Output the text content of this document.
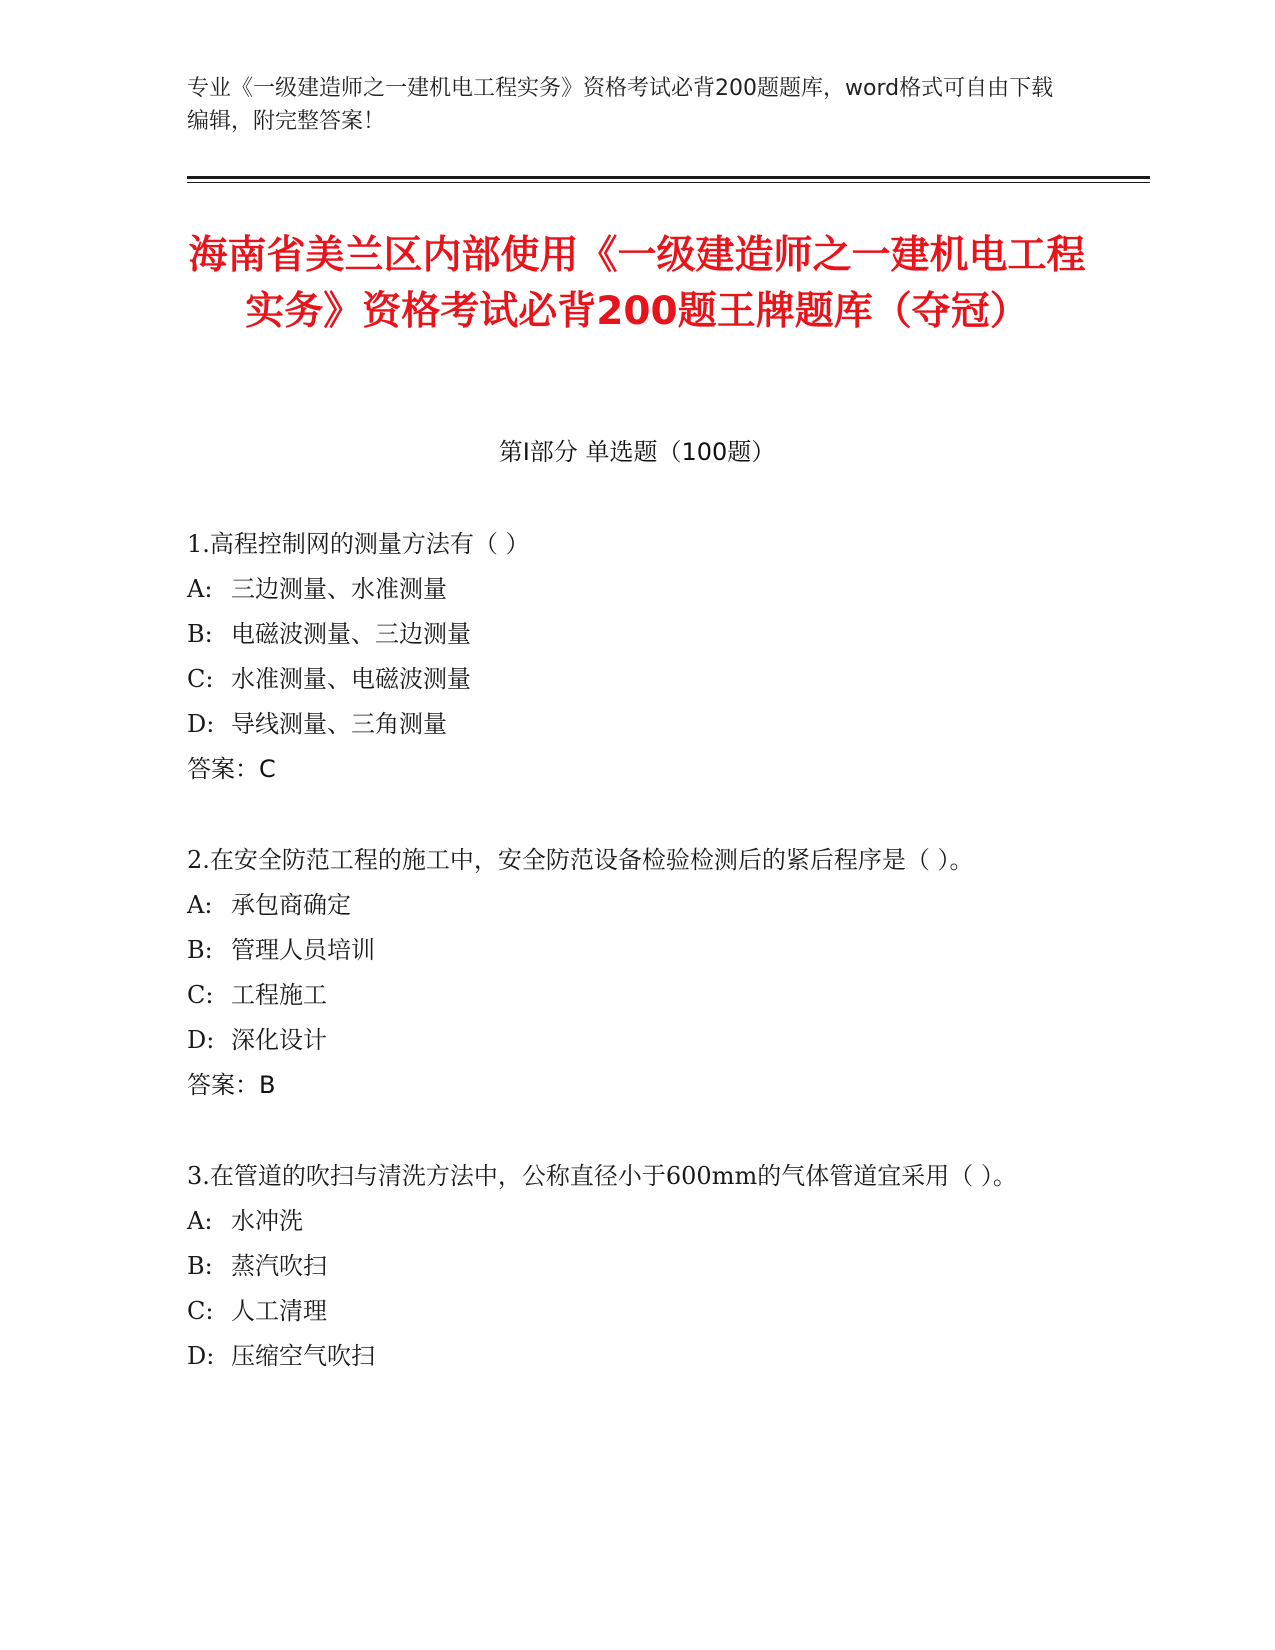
专业《一级建造师之一建机电工程实务》资格考试必背200题题库，word格式可自由下载编辑，附完整答案！
海南省美兰区内部使用《一级建造师之一建机电工程实务》资格考试必背200题王牌题库（夺冠）
第I部分 单选题（100题）

1.高程控制网的测量方法有（ ）

A: 三边测量、水准测量

B: 电磁波测量、三边测量

C: 水准测量、电磁波测量

D: 导线测量、三角测量

答案：C

2.在安全防范工程的施工中，安全防范设备检验检测后的紧后程序是（ ）。

A: 承包商确定

B: 管理人员培训

C: 工程施工

D: 深化设计

答案：B

3.在管道的吹扫与清洗方法中，公称直径小于600mm的气体管道宜采用（ ）。

A: 水冲洗

B: 蒸汽吹扫

C: 人工清理

D: 压缩空气吹扫
